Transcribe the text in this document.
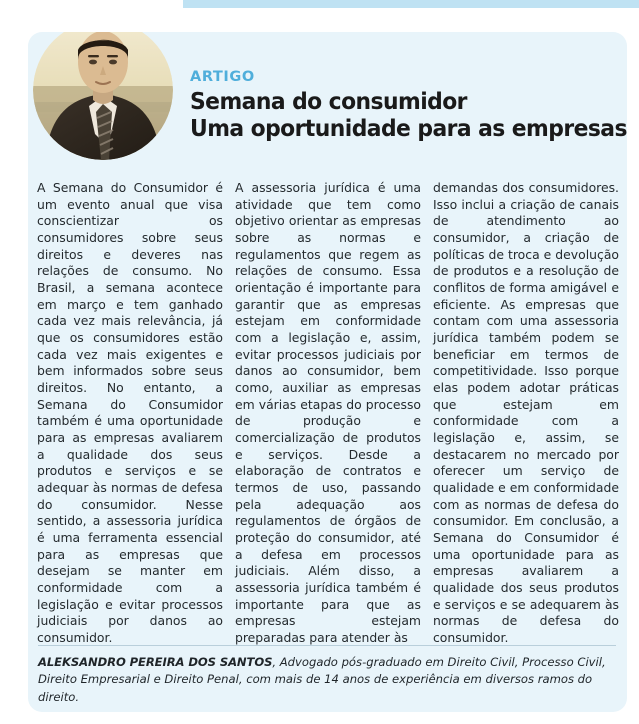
ARTIGO
Semana do consumidor
Uma oportunidade para as empresas

A Semana do Consumidor é um evento anual que visa conscientizar os consumidores sobre seus direitos e deveres nas relações de consumo. No Brasil, a semana acontece em março e tem ganhado cada vez mais relevância, já que os consumidores estão cada vez mais exigentes e bem informados sobre seus direitos. No entanto, a Semana do Consumidor também é uma oportunidade para as empresas avaliarem a qualidade dos seus produtos e serviços e se adequar às normas de defesa do consumidor. Nesse sentido, a assessoria jurídica é uma ferramenta essencial para as empresas que desejam se manter em conformidade com a legislação e evitar processos judiciais por danos ao consumidor.

A assessoria jurídica é uma atividade que tem como objetivo orientar as empresas sobre as normas e regulamentos que regem as relações de consumo. Essa orientação é importante para garantir que as empresas estejam em conformidade com a legislação e, assim, evitar processos judiciais por danos ao consumidor, bem como, auxiliar as empresas em várias etapas do processo de produção e comercialização de produtos e serviços. Desde a elaboração de contratos e termos de uso, passando pela adequação aos regulamentos de órgãos de proteção do consumidor, até a defesa em processos judiciais. Além disso, a assessoria jurídica também é importante para que as empresas estejam preparadas para atender às

demandas dos consumidores. Isso inclui a criação de canais de atendimento ao consumidor, a criação de políticas de troca e devolução de produtos e a resolução de conflitos de forma amigável e eficiente. As empresas que contam com uma assessoria jurídica também podem se beneficiar em termos de competitividade. Isso porque elas podem adotar práticas que estejam em conformidade com a legislação e, assim, se destacarem no mercado por oferecer um serviço de qualidade e em conformidade com as normas de defesa do consumidor. Em conclusão, a Semana do Consumidor é uma oportunidade para as empresas avaliarem a qualidade dos seus produtos e serviços e se adequarem às normas de defesa do consumidor.

ALEKSANDRO PEREIRA DOS SANTOS, Advogado pós-graduado em Direito Civil, Processo Civil, Direito Empresarial e Direito Penal, com mais de 14 anos de experiência em diversos ramos do direito.
